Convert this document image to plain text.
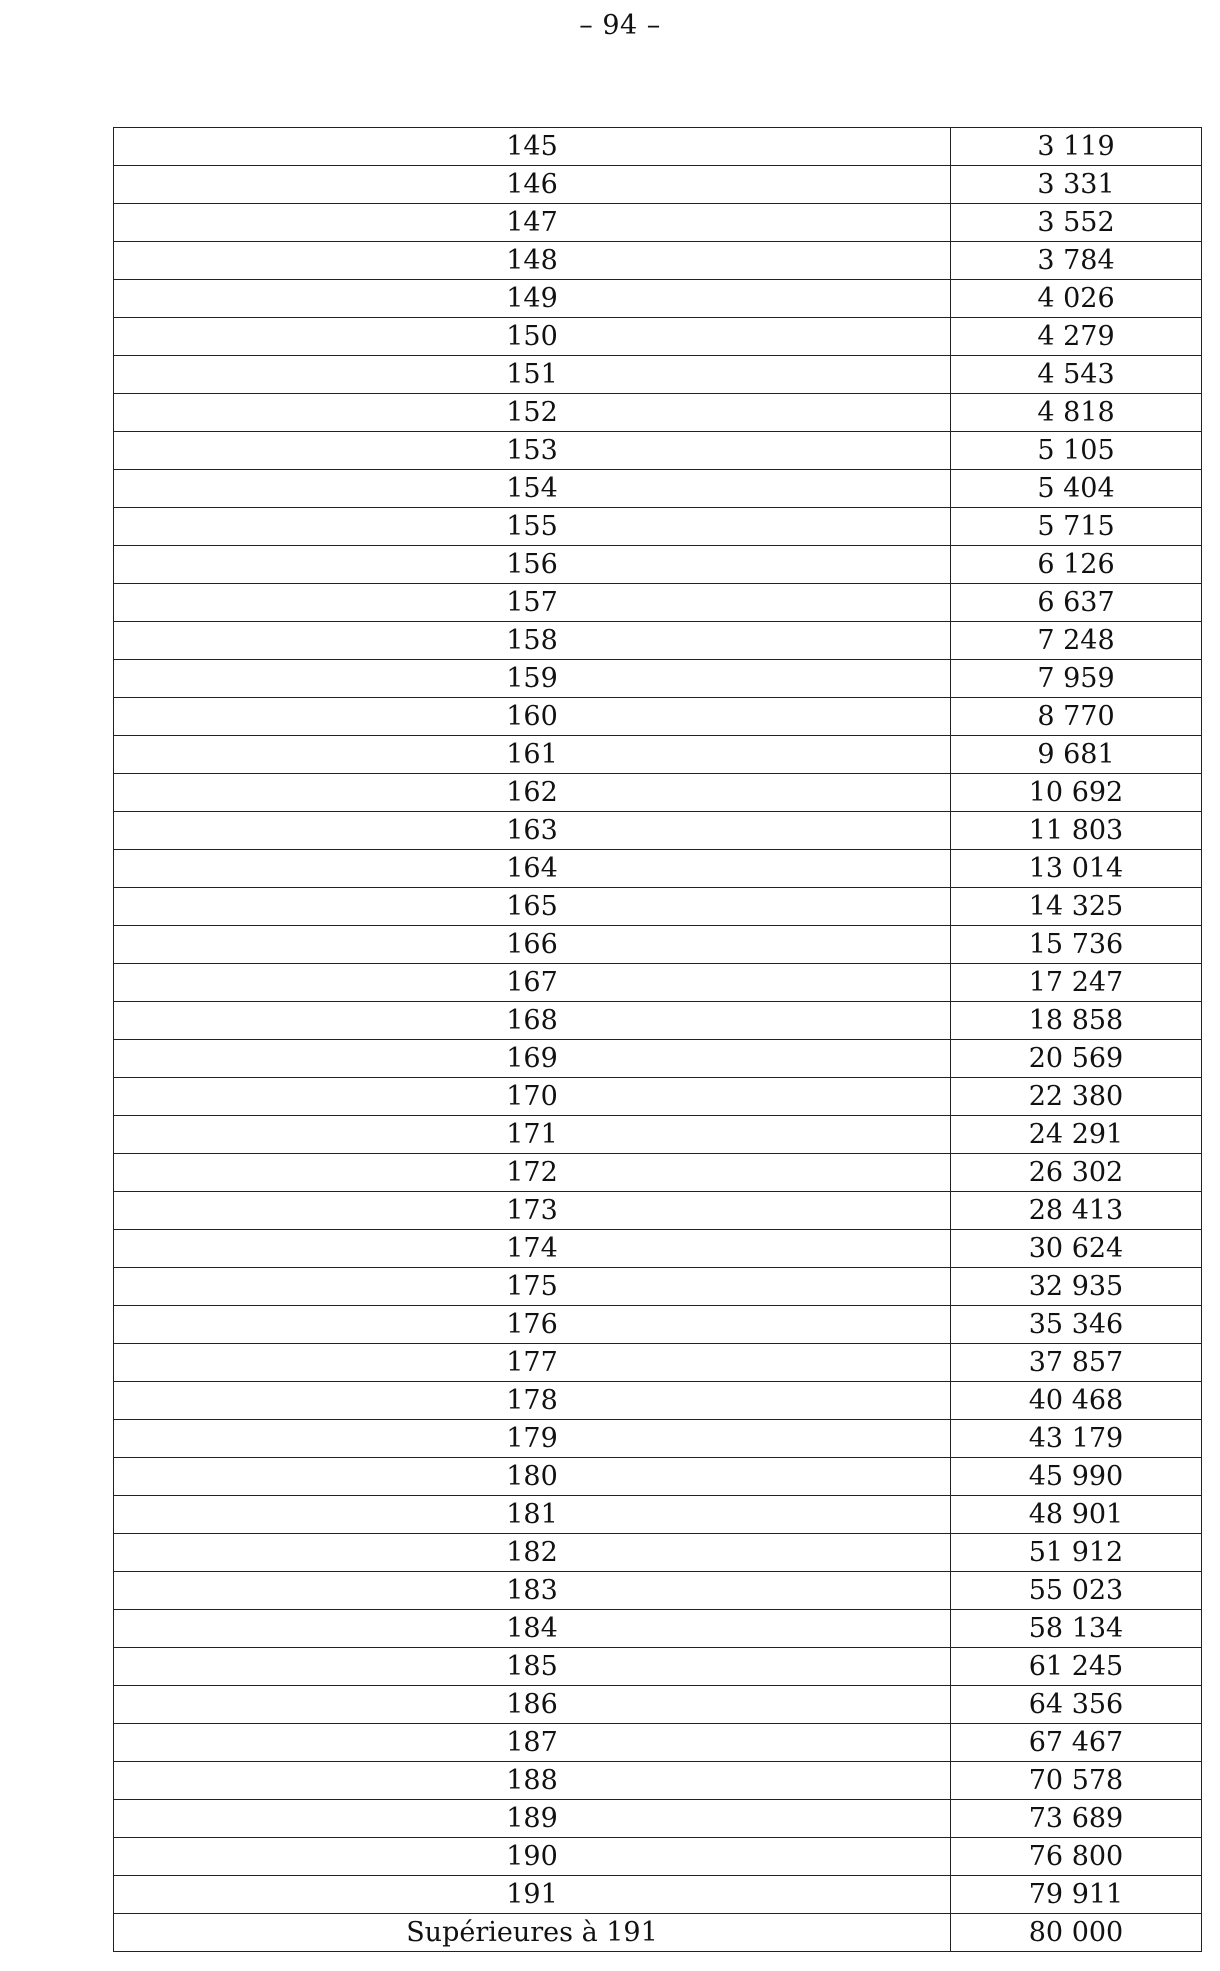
– 94 –
145	3 119
146	3 331
147	3 552
148	3 784
149	4 026
150	4 279
151	4 543
152	4 818
153	5 105
154	5 404
155	5 715
156	6 126
157	6 637
158	7 248
159	7 959
160	8 770
161	9 681
162	10 692
163	11 803
164	13 014
165	14 325
166	15 736
167	17 247
168	18 858
169	20 569
170	22 380
171	24 291
172	26 302
173	28 413
174	30 624
175	32 935
176	35 346
177	37 857
178	40 468
179	43 179
180	45 990
181	48 901
182	51 912
183	55 023
184	58 134
185	61 245
186	64 356
187	67 467
188	70 578
189	73 689
190	76 800
191	79 911
Supérieures à 191	80 000
